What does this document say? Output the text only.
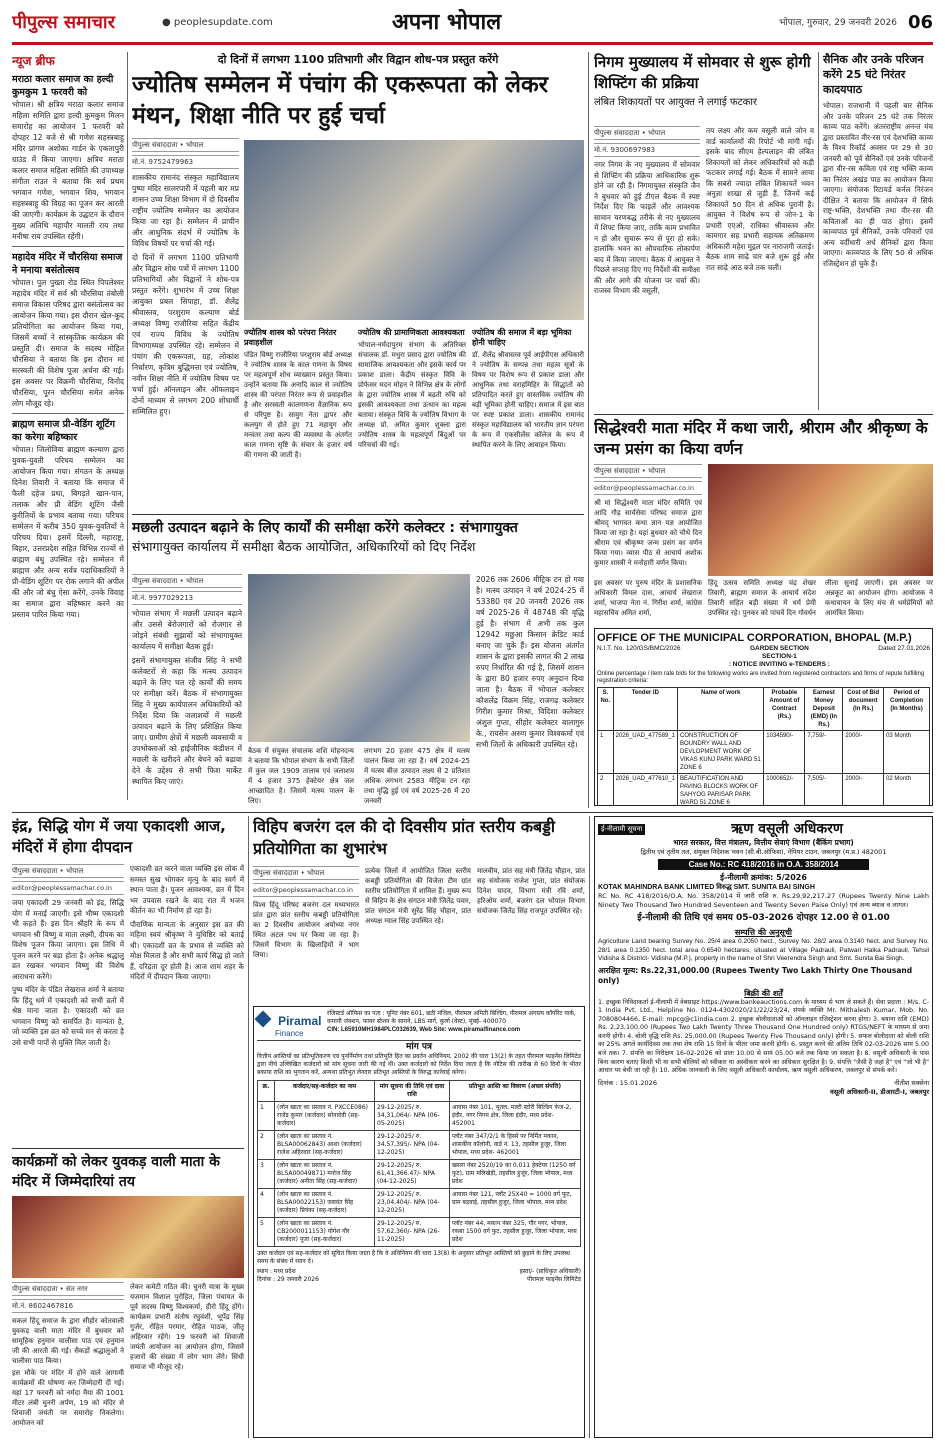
पीपुल्स समाचार	● peoplesupdate.com	अपना भोपाल	भोपाल, गुरुवार, 29 जनवरी 2026 06
न्यूज ब्रीफ
मराठा कलार समाज का हल्दी कुमकुम 1 फरवरी को
भोपाल। श्री क्षत्रिय मराठा कलार समाज महिला समिति द्वारा हल्दी कुमकुम मिलन समारोह का आयोजन 1 फरवरी को दोपहर 12 बजे से श्री गणेश सहस्त्रबाहु मंदिर प्रांगण अशोका गार्डन के एकतापुरी ग्राउंड में किया जाएगा। क्षत्रिय मराठा कलार समाज महिला समिति की उपाध्यक्ष संगीता राउत ने बताया कि सर्व प्रथम भगवान गणेश, भगवान शिव, भगवान सहस्त्रबाहु की विग्रह का पूजन कर आरती की जाएगी। कार्यक्रम के उद्घाटन के दौरान मुख्य अतिथि महापौर मालती राय तथा मनीषा राय उपस्थित रहेंगी।
महादेव मंदिर में चौरसिया समाज ने मनाया बसंतोत्सव
भोपाल। पुल पुख्ता रोड स्थित पिपलेश्वर महादेव मंदिर में सर्व श्री चौरसिया तंबोली समाज विकास परिषद द्वारा बसंतोत्सव का आयोजन किया गया। इस दौरान खेल-कूद प्रतियोगिता का आयोजन किया गया, जिसमें बच्चों ने सांस्कृतिक कार्यक्रम की प्रस्तुति दी। समाज के सदस्य मोहित चौरसिया ने बताया कि इस दौरान मां सरस्वती की विशेष पूजा अर्चना की गई। इस अवसर पर विक्रमी चौरसिया, विनोद चौरसिया, पूरन चौरसिया समेत अनेक लोग मौजूद रहे।
ब्राह्मण समाज प्री-वेडिंग शूटिंग का करेगा बहिष्कार
भोपाल। जिलोविया ब्राह्मण कल्याण द्वारा युवक-युवती परिचय सम्मेलन का आयोजन किया गया। संगठन के अध्यक्ष दिनेश तिवारी ने बताया कि समाज में फैली दहेज प्रथा, बिगड़ते खान-पान, तलाक और प्री वेडिंग शूटिंग जैसी कुरीतियों के प्रभाव बताया गया। परिचय सम्मेलन में करीब 350 युवक-युवतियों ने परिचय दिया। इसमें दिल्ली, महाराष्ट्र, बिहार, उत्तरप्रदेश सहित विभिन्न राज्यों से ब्राह्मण बंधु उपस्थित रहे। सम्मेलन में ब्राह्मण और अन्य सर्वत्र पदाधिकारियों ने प्री-वेडिंग शूटिंग पर रोक लगाने की अपील की और जो बंधु ऐसा करेंगे, उनके विवाह का समाज द्वारा बहिष्कार करने का प्रस्ताव पारित किया गया।
दो दिनों में लगभग 1100 प्रतिभागी और विद्वान शोध-पत्र प्रस्तुत करेंगे
ज्योतिष सम्मेलन में पंचांग की एकरूपता को लेकर मंथन, शिक्षा नीति पर हुई चर्चा
पीपुल्स संवाददाता • भोपाल
मो.नं. 9752479963
शासकीय रामानंद संस्कृत महाविद्यालय पुष्पा मंदिर सालरपारी में पहली बार मप्र शासन उच्च शिक्षा विभाग में दो दिवसीय राष्ट्रीय ज्योतिष सम्मेलन का आयोजन किया जा रहा है। सम्मेलन में प्राचीन और आधुनिक संदर्भ में ज्योतिष के विविध विषयों पर चर्चा की गई।
दो दिनों में लगभग 1100 प्रतिभागी और विद्वान शोध पत्रों में लगभग 1100 प्रतिभागियों और विद्वानों ने शोध-पत्र प्रस्तुत करेंगे। शुभारंभ में उच्च शिक्षा आयुक्त प्रबल सिपाहा, डॉ. शैलेंद्र श्रीवास्तव, परशुराम कल्याण बोर्ड अध्यक्ष विष्णु राजौरिया सहित केंद्रीय एवं राज्य विविध के ज्योतिष विभागाध्यक्ष उपस्थित रहे। सम्मेलन में पंचांग की एकरूपता, ग्रह, लोकांश निर्धारण, कृत्रिम बुद्धिमत्ता एवं ज्योतिष, नवीन शिक्षा नीति में ज्योतिष विषय पर चर्चा हुई। ऑनलाइन और ऑफलाइन दोनों माध्यम से लगभग 200 शोधार्थी सम्मिलित हुए।
ज्योतिष शास्त्र को परंपरा निरंतर प्रवाहशील
पंडित विष्णु राजौरिया परशुराम बोर्ड अध्यक्ष ने ज्योतिष शास्त्र के काल गणना के विषय पर महत्वपूर्ण शोध व्याख्यान प्रस्तुत किया। उन्होंने बताया कि अनादि काल से ज्योतिष शास्त्र की परंपरा निरंतर रूप से प्रवाहशील है और सरस्वती कालगणना वैज्ञानिक रूप से परिपुष्ट है। सायुग नेता द्वापर और कलयुग से होते हुए 71 महायुग और मन्वंतर तथा कल्प की व्यवस्था के अंतर्गत काल गणना सृष्टि के संचार के हजार वर्ष की गणना की जाती है।
ज्योतिष की प्रामाणिकता आवश्यकता
भोपाल-नर्मदापुरम संभाग के अतिरिक्त संचालक डॉ. मधुरा प्रसाद द्वारा ज्योतिष की सामाजिक आवश्यकता और इसके कार्य पर प्रकाश डाला। केंद्रीय संस्कृत विवि के प्रोफेसर मदन मोहन ने विभिन्न क्षेत्र के लोगों के द्वारा ज्योतिष शास्त्र में बढ़ती रुचि को इसकी आवश्यकता तथा उत्थान का महत्व बताया। संस्कृत विधि के ज्योतिष विभाग के अध्यक्ष प्रो. अमित कुमार शुक्ला द्वारा ज्योतिष शास्त्र के महत्वपूर्ण बिंदुओं पर परिचर्चा की गई।
ज्योतिष की समाज में बड़ा भूमिका होनी चाहिए
डॉ. शैलेंद्र श्रीवास्तव पूर्व आईपीएस अधिकारी ने ज्योतिष के सम्पन्न तथा महत्व सूत्रों के विषय पर विशेष रूप से प्रकाश डाला और आधुनिक तथा वराहमिहिर के सिद्धांतों को प्रतिपादित करते हुए वास्तविक ज्योतिष की बड़ी भूमिका होनी चाहिए। समाज में इस बात पर स्पष्ट प्रकाश डाला। शासकीय रामानंद संस्कृत महाविद्यालय को भारतीय ज्ञान परंपरा के रूप में एकसीलेंस कॉलेज के रूप में स्थापित करने के लिए आवाहन किया।
मछली उत्पादन बढ़ाने के लिए कार्यों की समीक्षा करेंगे कलेक्टर : संभागायुक्त
संभागायुक्त कार्यालय में समीक्षा बैठक आयोजित, अधिकारियों को दिए निर्देश
पीपुल्स संवाददाता • भोपाल
मो.नं. 9977029213
भोपाल संभाग में मछली उत्पादन बढ़ाने और उससे बेरोजगारों को रोजगार से जोड़ने संबंधी सुझावों को संभागायुक्त कार्यालय में समीक्षा बैठक हुई।
इसमें संभागायुक्त संजीव सिंह ने सभी कलेक्टरों से कहा कि मत्स्य उत्पादन बढ़ाने के लिए चल रहे कार्यों की समय पर समीक्षा करें। बैठक में संभागायुक्त सिंह ने मुख्य कार्यपालन अधिकारियों को निर्देश दिया कि जलाशयों में मछली उत्पादन बढ़ाने के लिए प्रशिक्षित किया जाए। ग्रामीण क्षेत्रों में मछली व्यवसायी व उपभोक्ताओं को हाईजीनिक कंडीशन में मछली के खरीदने और बेचने को बढ़ावा देने के उद्देश्य से सभी फिश मार्केट स्थापित किए जाएं।
बैठक में संयुक्त संचालक शशि मोहनदन्य ने बताया कि भोपाल संभाग के सभी जिलों में कुल जल 1909 तालाब एवं जलाशय में 4 हजार 375 हेक्टेयर क्षेत्र जल आच्छादित है। जिसमें मत्स्य पालन के लिए।
लगभग 20 हजार 475 क्षेत्र में मत्स्य पालन किया जा रहा है। वर्ष 2024-25 में मत्स्य बीज उत्पादन लक्ष्य से 2 प्रतिशत अधिक लगभग 2583 मीट्रिक टन रहा तथा वृद्धि हुई एवं वर्ष 2025-26 में 20 जनवरी
2026 तक 2606 मीट्रिक टन हो गया है। मत्स्य उत्पादन ने वर्ष 2024-25 में 53380 एवं 20 जनवरी 2026 तक वर्ष 2025-26 में 48748 की वृद्धि हुई है। संभाग में अभी तक कुल 12942 मछुआ किसान क्रेडिट कार्ड बनाए जा चुके हैं। इस योजना अंतर्गत शासन के द्वारा इसकी लागत की 2 लाख रुपए निर्धारित की गई है, जिसमें शासन के द्वारा 80 हजार रुपए अनुदान दिया जाता है। बैठक में भोपाल कलेक्टर कौशलेंद्र विक्रम सिंह, राजगढ़ कलेक्टर गिरीश कुमार मिश्रा, विदिशा कलेक्टर अंशुल गुप्ता, सीहोर कलेक्टर बालागुरु के., रायसेन अरुण कुमार विश्वकर्मा एवं सभी जिलों के अधिकारी उपस्थित रहे।
निगम मुख्यालय में सोमवार से शुरू होगी शिफ्टिंग की प्रक्रिया
लंबित शिकायतों पर आयुक्त ने लगाई फटकार
पीपुल्स संवाददाता • भोपाल
मो.नं. 9300697983
नगर निगम के नए मुख्यालय में सोमवार से शिफ्टिंग की प्रक्रिया आधिकारिक शुरू होने जा रही है। निगमायुक्त संस्कृति जैन ने बुधवार को हुई टीएल बैठक में स्पष्ट निर्देश दिए कि फाइलें और आवश्यक सामान चरणबद्ध तरीके से नए मुख्यालय में शिफ्ट किया जाए, ताकि काम प्रभावित न हो और सुचारू रूप से पूरा हो सके। हालांकि भवन का औपचारिक लोकार्पण बाद में किया जाएगा। बैठक में आयुक्त ने पिछले सप्ताह दिए गए निर्देशों की समीक्षा की और आगे की योजना पर चर्चा की। राजस्व विभाग की वसूली,
तय लक्ष्य और कम वसूली वाले जोन व वार्ड कार्यालयों की रिपोर्ट भी मांगी गई। इसके बाद सीएम हेल्पलाइन की लंबित शिकायतों को लेकर अधिकारियों को कड़ी फटकार लगाई गई। बैठक में सामने आया कि सबसे ज्यादा लंबित शिकायतें भवन अनुज्ञा शाखा से जुड़ी हैं, जिनमें कई शिकायतें 50 दिन से अधिक पुरानी हैं। आयुक्त ने विशेष रूप से जोन-1 के प्रभारी एएओ, राधिका श्रीवास्तव और कामगार सह प्रभारी सहायक अतिक्रमण अधिकारी महेश मुद्गल पर नाराजगी जताई। बैठक शाम साढ़े चार बजे शुरू हुई और रात साढ़े आठ बजे तक चली।
सैनिक और उनके परिजन करेंगे 25 घंटे निरंतर कादयपाठ
भोपाल। राजधानी में पहली बार सैनिक और उनके परिजन 25 घंटे तक निरंतर काव्य पाठ करेंगे। अंतरराष्ट्रीय अनन्त मंच द्वारा प्रस्तावित वीर-रस एवं देशभक्ति काव्य के विश्व रिकॉर्ड अवसर पर 29 से 30 जनवरी को पूर्व सैनिकों एवं उनके परिजनों द्वारा वीर-रस कविता एवं राष्ट्र भक्ति काव्य का निरंतर अखंड पाठ का आयोजन किया जाएगा। संयोजक रिटायर्ड कर्नल निरंजन दीक्षित ने बताया कि आयोजन में सिर्फ राष्ट्र-भक्ति, देशभक्ति तथा वीर-रस की कविताओं का ही पाठ होगा। इसमें काव्यपाठ पूर्व सैनिकों, उनके परिवारों एवं अन्य वर्दीधारी अर्ध सैनिकों द्वारा किया जाएगा। काव्यपाठ के लिए 50 से अधिक रजिस्ट्रेशन हो चुके हैं।
सिद्धेश्वरी माता मंदिर में कथा जारी, श्रीराम और श्रीकृष्ण के जन्म प्रसंग का किया वर्णन
पीपुल्स संवाददाता • भोपाल
editor@peoplessamachar.co.in
श्री मां सिद्धेश्वरी माता मंदिर समिति एवं आदि गौड़ सार्वसेवा परिषद समाज द्वारा श्रीमद् भागवत कथा ज्ञान यज्ञ आयोजित किया जा रहा है। यहां बुधवार को चौथे दिन श्रीराम एवं श्रीकृष्ण जन्म प्रसंग का वर्णन किया गया। व्यास पीठ से आचार्य अशोक कुमार शास्त्री ने मनोहारी वर्णन किया।
इस अवसर पर पुरुष मंदिर के प्रशासनिक अधिकारी विमल दास, आचार्य लेखराज शर्मा, भाजपा नेता नं. गिरीश शर्मा, कांग्रेस महासचिव अमित शर्मा,
हिंदू उत्सव समिति अध्यक्ष चंद्र शेखर तिवारी, ब्राह्मण समाज के आचार्य संदेश तिवारी सहित बड़ी संख्या में धर्म प्रेमी उपस्थित रहे। पुनकर को पांचवें दिन गोवर्धन
लीला सुनाई जाएगी। इस अवसर पर अन्नकूट का आयोजन होगा। आयोजक ने कथावाचन के लिए मंच से धर्मप्रेमियों को आमंत्रित किया।
OFFICE OF THE MUNICIPAL CORPORATION, BHOPAL (M.P.)
N.I.T. No. 120/GS/BMC/2026	GARDEN SECTION
SECTION-1
: NOTICE INVITING e-TENDERS :
Dated 27.01.2026
Online percentage / item rate bids for the following works are invited from registered contractors and firms of repute fulfilling registration criteria:
S. No.	Tender ID	Name of work	Probable Amount of Contract (Rs.)	Earnest Money Deposit (EMD) (In Rs.)	Cost of Bid document (In Rs.)	Period of Completion (In Months)
1	2026_UAD_477589_1	CONSTRUCTION OF BOUNDRY WALL AND DEVLOPMENT WORK OF VIKAS KUNJ PARK WARD 51 ZONE 6	1034590/-	7,759/-	2000/-	03 Month
2	2026_UAD_477610_1	BEAUTIFICATION AND PAVING BLOCKS WORK OF SAHYOG PARISAR PARK WARD 51 ZONE 6	1000652/-	7,505/-	2000/-	02 Month

इंद्र, सिद्धि योग में जया एकादशी आज, मंदिरों में होगा दीपदान
पीपुल्स संवाददाता • भोपाल
editor@peoplessamachar.co.in
जया एकादशी 29 जनवरी को इंद्र, सिद्धि योग में मनाई जाएगी। इसे भीष्म एकादशी भी कहते हैं। इस दिन श्रीहरि के रूप में भगवान श्री विष्णु व माता लक्ष्मी, दीपक का विशेष पूजन किया जाएगा। इस तिथि में पूजन करने पर बड़ा होता है। अनेक श्रद्धालु व्रत रखकर भगवान विष्णु की विशेष आराधना करेंगे।
पुष्प मंदिर के पंडित लेखराज शर्मा ने बताया कि हिंदू धर्म में एकादशी को सभी व्रतों में श्रेष्ठ माना जाता है। एकादशी को व्रत भगवान विष्णु को समर्पित है। मान्यता है, जो व्यक्ति इस व्रत को सच्चे मन से करता है उसे सभी पापों से मुक्ति मिल जाती है।
एकादशी व्रत करने वाला व्यक्ति इस लोक में समस्त सुख भोगकर मृत्यु के बाद स्वर्ग में स्थान पाता है। पूजन आवश्यक, व्रत में दिन भर उपवास रखने के बाद रात में भजन कीर्तन का भी निर्माण हो रहा है।
पौराणिक मान्यता के अनुसार इस व्रत की महिमा स्वयं श्रीकृष्ण ने युधिष्ठिर को बताई थी। एकादशी व्रत के प्रभाव से व्यक्ति को मोक्ष मिलता है और सभी कार्य सिद्ध हो जाते हैं, दरिद्रता दूर होती है। आज शाम शहर के मंदिरों में दीपदान किया जाएगा।
कार्यक्रमों को लेकर युवकड़ वाली माता के मंदिर में जिम्मेदारियां तय
पीपुल्स संवाददाता • संत नगर
मो.नं. 8602467816
सकल हिंदू समाज के द्वारा सीहोर कोतवाली युवकड़ वाली माता मंदिर में बुधवार को सामूहिक हनुमान चालीसा पाठ एवं हनुमान जी की आरती की गई। सैकड़ों श्रद्धालुओं ने चालीसा पाठ किया।
इस मौके पर मंदिर में होने वाले आगामी कार्यक्रमों की घोषणा कर जिम्मेदारी दी गई। यहां 17 फरवरी को नर्मदा मैया की 1001 मीटर लंबी चुनरी अर्पण, 19 को मंदिर से शिवाजी जयंती पर समारोह निकलेगा। आयोजन को
लेकर कमेटी गठित की। चुनरी यात्रा के मुख्य यजमान विशाल पुरोहित, जिला पंचायत के पूर्व सदस्य विष्णु विश्वकर्मा, हीरो हिंदू होंगे। कार्यक्रम प्रभारी संतोष रघुवंशी, भूपेंद्र सिंह गुर्जर, रोहित परमार, रोहित पाठक, जीतू अहिरवार रहेंगे। 19 फरवरी को शिवाजी जयंती आयोजन का आयोजन होगा, जिसमें हजारों की संख्या में लोग भाग लेंगे। सिंधी समाज भी मौजूद रहे।
विहिप बजरंग दल की दो दिवसीय प्रांत स्तरीय कबड्डी प्रतियोगिता का शुभारंभ
पीपुल्स संवाददाता • भोपाल
editor@peoplessamachar.co.in
विश्व हिंदू परिषद बजरंग दल मध्यभारत प्रांत द्वारा प्रांत स्तरीय कबड्डी प्रतियोगिता का 2 दिवसीय आयोजन अयोध्या नगर स्थित अटल पथ पर किया जा रहा है। जिसमें विभाग के खिलाड़ियों ने भाग लिया।
प्रत्येक जिलों में आयोजित जिला स्तरीय कबड्डी प्रतियोगिता की विजेता टीम ग्रांत स्तरीय प्रतियोगिता में शामिल हैं। मुख्य रूप से विहिप के क्षेत्र संगठन मंत्री जितेंद्र पवार, प्रांत संगठन मंत्री सुरेंद्र सिंह चौहान, प्रांत अध्यक्ष ग्वाल सिंह उपस्थित रहे।
मालवीय, प्रांत सह मंत्री जितेंद्र चौहान, प्रांत सह संयोजक राजेश गुप्ता, प्रांत संयोजक दिनेश यादव, विभाग मंत्री रवि शर्मा, हरिओम शर्मा, बजरंग दल भोपाल विभाग संयोजक जितेंद्र सिंह राजपूत उपस्थित रहे।
Piramal
Finance
रजिस्टर्ड ऑफिस का पता : यूनिट नंबर 601, छठी मंजिल, पीरामल अमिती बिल्डिंग, पीरामल अगस्त्य कॉर्पोरेट पार्क, कमानी जंक्शन, फायर स्टेशन के सामने, LBS मार्ग, कुर्ला (वेस्ट), मुंबई- 400070
CIN: L65910MH1984PLC032639, Web Site: www.piramalfinance.com
मांग पत्र
वित्तीय आस्तियों का प्रतिभूतिकरण एवं पुनर्निर्माण तथा प्रतिभूति हित का प्रवर्तन अधिनियम, 2002 की धारा 13(2) के तहत पीरामल फाइनेंस लिमिटेड द्वारा नीचे उल्लिखित कर्जदारों को मांग सूचना जारी की गई थी। उक्त कर्जदारों को निर्देश दिया जाता है कि नोटिस की तारीख से 60 दिनों के भीतर बकाया राशि का भुगतान करें, अन्यथा प्रतिभूत लेनदार प्रतिभूत आस्तियों के विरुद्ध कार्रवाई करेगा।
क्र.	कर्जदार/सह-कर्जदार का नाम	मांग सूचना की तिथि एवं दावा राशि	प्रतिभूत आस्ति का विवरण (अचल संपत्ति)
1	(लोन खाता का प्रस्ताव नं. PXCCE086) राजेंद्र कुमार (कर्जदार) सोनादेवी (सह-कर्जदार)	29-12-2025/ रु. 34,31,064/- NPA (06-05-2025)	आवास नंबर 101, भूतल, मल्टी स्टोरी बिल्डिंग फेज-2, इंदौर, नगर निगम क्षेत्र, जिला इंदौर, मध्य प्रदेश- 452001
2	(लोन खाता का प्रस्ताव नं. BLSA00062843) आशा (कर्जदार) राजेश अहिरवार (सह-कर्जदार)	29-12-2025/ रु. 34,57,395/- NPA (04-12-2025)	प्लॉट नंबर 347/2/1 के हिस्से पर निर्मित मकान, शासकीय कॉलोनी, वार्ड नं. 13, तहसील हुजूर, जिला भोपाल, मध्य प्रदेश- 462001
3	(लोन खाता का प्रस्ताव नं. BLSA00049871) मनोज सिंह (कर्जदार) अनीता सिंह (सह-कर्जदार)	29-12-2025/ रु. 61,41,366.47/- NPA (04-12-2025)	खसरा नंबर 2520/19 का 0.011 हेक्टेयर (1250 वर्ग फुट), ग्राम मलिखेड़ी, तहसील हुजूर, जिला भोपाल, मध्य प्रदेश
4	(लोन खाता का प्रस्ताव नं. BLSA00022153) जसवंत सिंह (कर्जदार) प्रियंका (सह-कर्जदार)	29-12-2025/ रु. 23,04,404/- NPA (04-12-2025)	आवास नंबर 121, प्लॉट 25X40 = 1000 वर्ग फुट, ग्राम बड़वाई, तहसील हुजूर, जिला भोपाल, मध्य प्रदेश
5	(लोन खाता का प्रस्ताव नं. CB2000011153) योगेश गौर (कर्जदार) पूजा (सह-कर्जदार)	29-12-2025/ रु. 57,62,360/- NPA (26-11-2025)	प्लॉट नंबर 44, मकान नंबर 325, गौर नगर, भोपाल, रकबा 1500 वर्ग फुट, तहसील हुजूर, जिला भोपाल, मध्य प्रदेश
उक्त कर्जदार एवं सह-कर्जदार को सूचित किया जाता है कि वे अधिनियम की धारा 13(8) के अनुसार प्रतिभूत आस्तियों को छुड़ाने के लिए उपलब्ध समय के संबंध में ध्यान दें।
स्थान : मध्य प्रदेश
दिनांक : 29 जनवरी 2026
हस्ता/- (प्राधिकृत अधिकारी)
पीरामल फाइनेंस लिमिटेड
ई-नीलामी सूचना	ऋण वसूली अधिकरण
भारत सरकार, वित्त मंत्रालय, वित्तीय सेवाएं विभाग (बैंकिंग प्रभाग)
द्वितीय एवं तृतीय तल, संयुक्त निदेशक भवन (सी.बी.ऑफिस), नेपियर टाउन, जबलपुर (म.प्र.) 482001
Case No.: RC 418/2016 in O.A. 358/2014
ई-नीलामी क्रमांक: 5/2026
KOTAK MAHINDRA BANK LIMITED विरुद्ध SMT. SUNITA BAI SINGH
RC No. RC 418/2016/O.A. No. 358/2014 में जारी राशि रु. Rs.29,92,217.27 (Rupees Twenty Nine Lakh Ninety Two Thousand Two Hundred Seventeen and Twenty Seven Paise Only) एवं अन्य ब्याज व लागत।
ई-नीलामी की तिथि एवं समय 05-03-2026 दोपहर 12.00 से 01.00
सम्पत्ति की अनुसूची
Agriculture Land bearing Survey No. 25/4 area 0.2050 hect., Survey No. 28/2 area 0.3140 hect. and Survey No. 28/1 area 0.1350 hect. total area 0.6540 hectares, situated at Village Padrauli, Patwari Halka Padrauli, Tehsil Vidisha & District- Vidisha (M.P.), property in the name of Shri Veerendra Singh and Smt. Sunita Bai Singh.
आरक्षित मूल्य: Rs.22,31,000.00 (Rupees Twenty Two Lakh Thirty One Thousand only)
बिक्री की शर्तें
1. इच्छुक निविदाकर्ता ई-नीलामी में वेबसाइट https://www.bankeauctions.com के माध्यम से भाग ले सकते हैं। सेवा प्रदाता : M/s. C-1 India Pvt. Ltd., Helpline No. 0124-4302020/21/22/23/24, संपर्क व्यक्ति Mr. Mithalesh Kumar, Mob. No. 7080804466, E-mail: mpcg@c1india.com 2. इच्छुक बोलीदाताओं को ऑनलाइन रजिस्ट्रेशन करना होगा। 3. बयाना राशि (EMD) Rs. 2,23,100.00 (Rupees Two Lakh Twenty Three Thousand One Hundred only) RTGS/NEFT के माध्यम से जमा करनी होगी। 4. बोली वृद्धि राशि Rs. 25,000.00 (Rupees Twenty Five Thousand only) होगी। 5. सफल बोलीदाता को बोली राशि का 25% अगले कार्यदिवस तक तथा शेष राशि 15 दिनों के भीतर जमा करनी होगी। 6. प्रस्तुत करने की अंतिम तिथि 02-03-2026 सायं 5.00 बजे तक। 7. संपत्ति का निरीक्षण 16-02-2026 को प्रातः 10.00 से सायं 05.00 बजे तक किया जा सकता है। 8. वसूली अधिकारी के पास बिना कारण बताए किसी भी या सभी बोलियों को स्वीकार या अस्वीकार करने का अधिकार सुरक्षित है। 9. संपत्ति "जैसी है जहां है" एवं "जो भी है" आधार पर बेची जा रही है। 10. अधिक जानकारी के लिए वसूली अधिकारी कार्यालय, ऋण वसूली अधिकरण, जबलपुर से संपर्क करें।
दिनांक : 15.01.2026	नीतीश सक्सेना
वसूली अधिकारी-II, डीआरटी-I, जबलपुर
